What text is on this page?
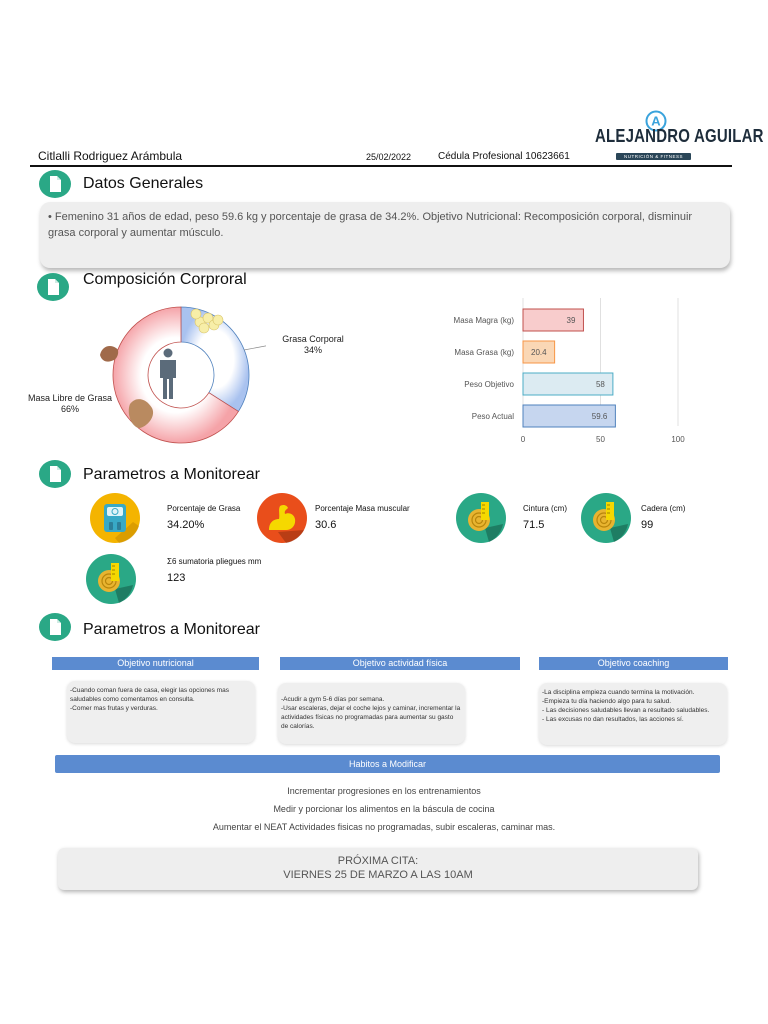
Citlalli Rodriguez Arámbula	25/02/2022	Cédula Profesional 10623661
A
ALEJANDRO AGUILAR
NUTRICIÓN & FITNESS
Datos Generales
• Femenino 31 años de edad, peso 59.6 kg y porcentaje de grasa de 34.2%. Objetivo Nutricional: Recomposición corporal, disminuir grasa corporal y aumentar músculo.
Composición Corproral
Grasa Corporal
34%
Masa Libre de Grasa
66%
0	50	100
Masa Magra (kg)	39
Masa Grasa (kg) 20.4
Peso Objetivo	58
Peso Actual	59.6
Parametros a Monitorear
Porcentaje de Grasa
34.20%
Porcentaje Masa muscular
30.6
Cintura (cm)
71.5
Cadera (cm)
99
Σ6 sumatoria pliegues mm
123
Parametros a Monitorear
Objetivo nutricional	Objetivo actividad física	Objetivo coaching
-Cuando coman fuera de casa, elegir las opciones mas saludables como comentamos en consulta.
-Comer mas frutas y verduras.
-Acudir a gym 5-6 días por semana.
-Usar escaleras, dejar el coche lejos y caminar, incrementar la actividades físicas no programadas para aumentar su gasto de calorías.
-La disciplina empieza cuando termina la motivación.
-Empieza tu día haciendo algo para tu salud.
- Las decisiones saludables llevan a resultado saludables.
- Las excusas no dan resultados, las acciones sí.
Habitos a Modificar
Incrementar progresiones en los entrenamientos
Medir y porcionar los alimentos en la báscula de cocina
Aumentar el NEAT Actividades fisicas no programadas, subir escaleras, caminar mas.
PRÓXIMA CITA:
VIERNES 25 DE MARZO A LAS 10AM
